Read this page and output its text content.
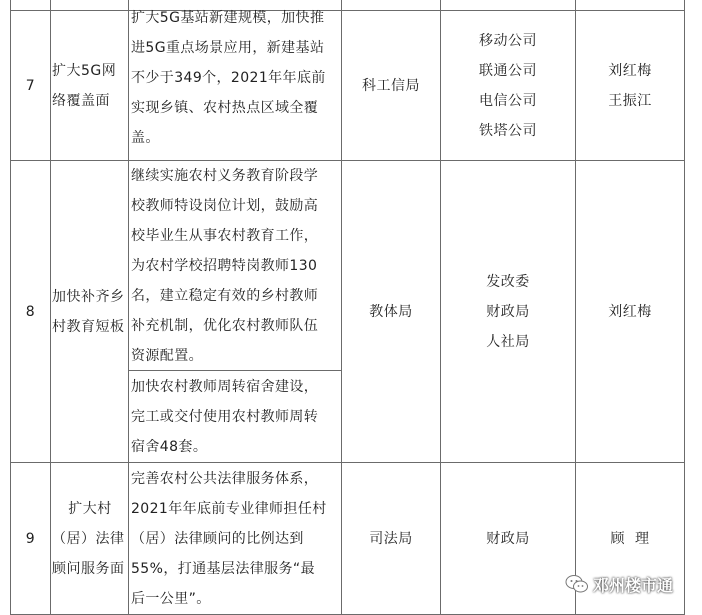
7
扩大5G网
络覆盖面
扩大5G基站新建规模，加快推
进5G重点场景应用，新建基站
不少于349个，2021年年底前
实现乡镇、农村热点区域全覆
盖。
科工信局
移动公司
联通公司
电信公司
铁塔公司
刘红梅
王振江
8
加快补齐乡
村教育短板
继续实施农村义务教育阶段学
校教师特设岗位计划，鼓励高
校毕业生从事农村教育工作，
为农村学校招聘特岗教师130
名，建立稳定有效的乡村教师
补充机制，优化农村教师队伍
资源配置。
加快农村教师周转宿舍建设，
完工或交付使用农村教师周转
宿舍48套。
教体局
发改委
财政局
人社局
刘红梅
9
扩大村
（居）法律
顾问服务面
完善农村公共法律服务体系，
2021年年底前专业律师担任村
（居）法律顾问的比例达到
55%，打通基层法律服务“最
后一公里”。
司法局	财政局	顾  理
邓州楼市通
